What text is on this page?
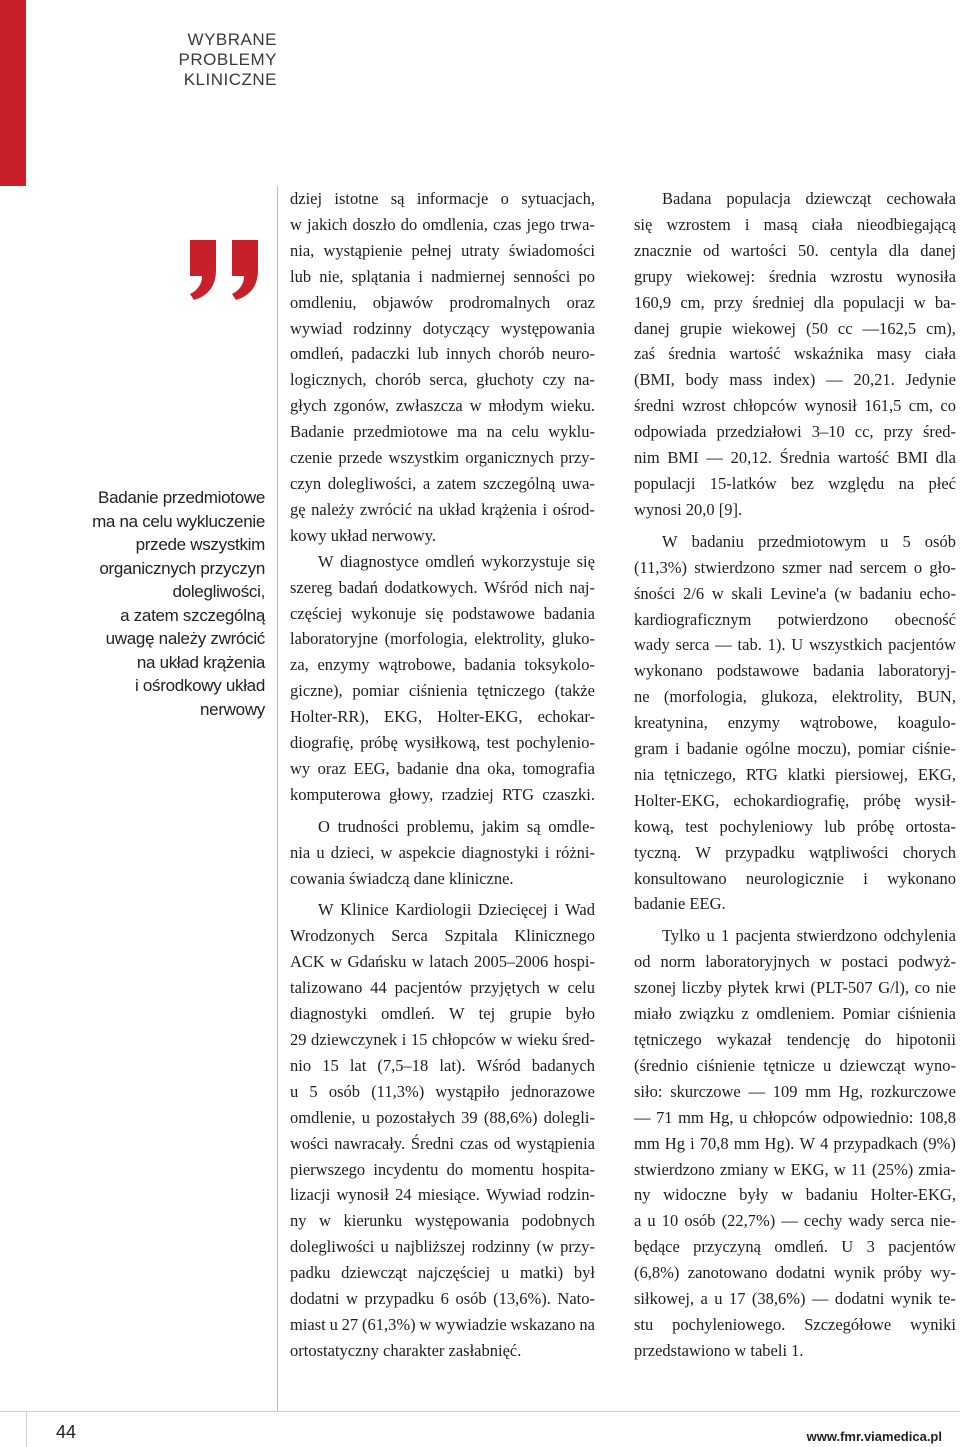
WYBRANE
PROBLEMY
KLINICZNE
Badanie przedmiotowe
ma na celu wykluczenie
przede wszystkim
organicznych przyczyn
dolegliwości,
a zatem szczególną
uwagę należy zwrócić
na układ krążenia
i ośrodkowy układ
nerwowy
dziej istotne są informacje o sytuacjach,
w jakich doszło do omdlenia, czas jego trwa-
nia, wystąpienie pełnej utraty świadomości
lub nie, splątania i nadmiernej senności po
omdleniu, objawów prodromalnych oraz
wywiad rodzinny dotyczący występowania
omdleń, padaczki lub innych chorób neuro-
logicznych, chorób serca, głuchoty czy na-
głych zgonów, zwłaszcza w młodym wieku.
Badanie przedmiotowe ma na celu wyklu-
czenie przede wszystkim organicznych przy-
czyn dolegliwości, a zatem szczególną uwa-
gę należy zwrócić na układ krążenia i ośrod-
kowy układ nerwowy.
W diagnostyce omdleń wykorzystuje się
szereg badań dodatkowych. Wśród nich naj-
częściej wykonuje się podstawowe badania
laboratoryjne (morfologia, elektrolity, gluko-
za, enzymy wątrobowe, badania toksykolo-
giczne), pomiar ciśnienia tętniczego (także
Holter-RR), EKG, Holter-EKG, echokar-
diografię, próbę wysiłkową, test pochylenio-
wy oraz EEG, badanie dna oka, tomografia
komputerowa głowy, rzadziej RTG czaszki.
O trudności problemu, jakim są omdle-
nia u dzieci, w aspekcie diagnostyki i różni-
cowania świadczą dane kliniczne.
W Klinice Kardiologii Dziecięcej i Wad
Wrodzonych Serca Szpitala Klinicznego
ACK w Gdańsku w latach 2005–2006 hospi-
talizowano 44 pacjentów przyjętych w celu
diagnostyki omdleń. W tej grupie było
29 dziewczynek i 15 chłopców w wieku śred-
nio 15 lat (7,5–18 lat). Wśród badanych
u 5 osób (11,3%) wystąpiło jednorazowe
omdlenie, u pozostałych 39 (88,6%) dolegli-
wości nawracały. Średni czas od wystąpienia
pierwszego incydentu do momentu hospita-
lizacji wynosił 24 miesiące. Wywiad rodzin-
ny w kierunku występowania podobnych
dolegliwości u najbliższej rodzinny (w przy-
padku dziewcząt najczęściej u matki) był
dodatni w przypadku 6 osób (13,6%). Nato-
miast u 27 (61,3%) w wywiadzie wskazano na
ortostatyczny charakter zasłabnięć.
Badana populacja dziewcząt cechowała
się wzrostem i masą ciała nieodbiegającą
znacznie od wartości 50. centyla dla danej
grupy wiekowej: średnia wzrostu wynosiła
160,9 cm, przy średniej dla populacji w ba-
danej grupie wiekowej (50 cc —162,5 cm),
zaś średnia wartość wskaźnika masy ciała
(BMI, body mass index) — 20,21. Jedynie
średni wzrost chłopców wynosił 161,5 cm, co
odpowiada przedziałowi 3–10 cc, przy śred-
nim BMI — 20,12. Średnia wartość BMI dla
populacji 15-latków bez względu na płeć
wynosi 20,0 [9].
W badaniu przedmiotowym u 5 osób
(11,3%) stwierdzono szmer nad sercem o gło-
śności 2/6 w skali Levine'a (w badaniu echo-
kardiograficznym potwierdzono obecność
wady serca — tab. 1). U wszystkich pacjentów
wykonano podstawowe badania laboratoryj-
ne (morfologia, glukoza, elektrolity, BUN,
kreatynina, enzymy wątrobowe, koagulo-
gram i badanie ogólne moczu), pomiar ciśnie-
nia tętniczego, RTG klatki piersiowej, EKG,
Holter-EKG, echokardiografię, próbę wysił-
kową, test pochyleniowy lub próbę ortosta-
tyczną. W przypadku wątpliwości chorych
konsultowano neurologicznie i wykonano
badanie EEG.
Tylko u 1 pacjenta stwierdzono odchylenia
od norm laboratoryjnych w postaci podwyż-
szonej liczby płytek krwi (PLT-507 G/l), co nie
miało związku z omdleniem. Pomiar ciśnienia
tętniczego wykazał tendencję do hipotonii
(średnio ciśnienie tętnicze u dziewcząt wyno-
siło: skurczowe — 109 mm Hg, rozkurczowe
— 71 mm Hg, u chłopców odpowiednio: 108,8
mm Hg i 70,8 mm Hg). W 4 przypadkach (9%)
stwierdzono zmiany w EKG, w 11 (25%) zmia-
ny widoczne były w badaniu Holter-EKG,
a u 10 osób (22,7%) — cechy wady serca nie-
będące przyczyną omdleń. U 3 pacjentów
(6,8%) zanotowano dodatni wynik próby wy-
siłkowej, a u 17 (38,6%) — dodatni wynik te-
stu pochyleniowego. Szczegółowe wyniki
przedstawiono w tabeli 1.
44	www.fmr.viamedica.pl
